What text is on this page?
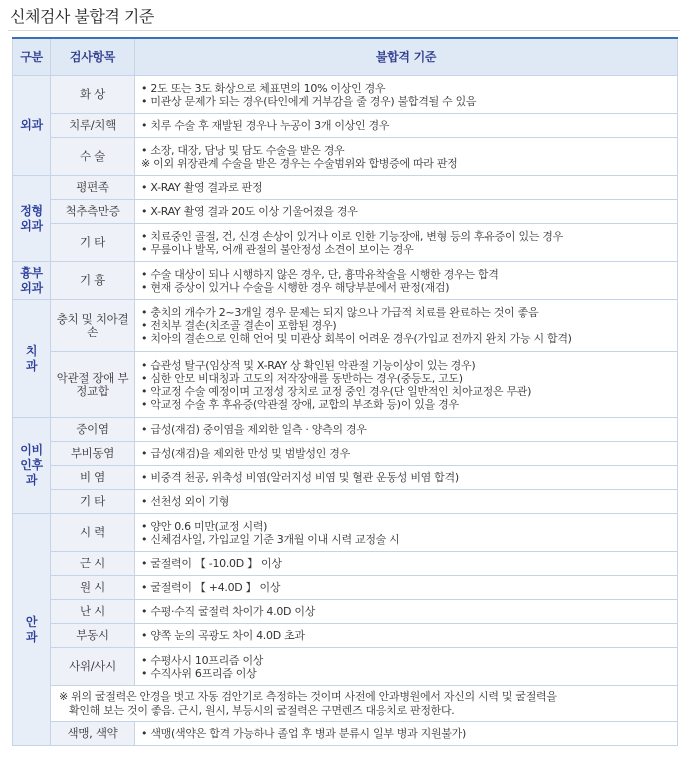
신체검사 불합격 기준
구분	검사항목	불합격 기준
외과	화 상	• 2도 또는 3도 화상으로 체표면의 10% 이상인 경우
• 미관상 문제가 되는 경우(타인에게 거부감을 줄 경우) 불합격될 수 있음

	치루/치핵	• 치루 수술 후 재발된 경우나 누공이 3개 이상인 경우

	수 술	• 소장, 대장, 담낭 및 담도 수술을 받은 경우
※ 이외 위장관계 수술을 받은 경우는 수술범위와 합병증에 따라 판정

정형외과	평편족	• X-RAY 촬영 결과로 판정

	척추측만증	• X-RAY 촬영 결과 20도 이상 기울어졌을 경우

	기 타	• 치료중인 골절, 건, 신경 손상이 있거나 이로 인한 기능장애, 변형 등의 후유증이 있는 경우
• 무릎이나 발목, 어깨 관절의 불안정성 소견이 보이는 경우

흉부외과	기 흉	• 수술 대상이 되나 시행하지 않은 경우, 단, 흉막유착술을 시행한 경우는 합격
• 현재 증상이 있거나 수술을 시행한 경우 해당부분에서 판정(재검)

치과	충치 및 치아결손	• 충치의 개수가 2~3개일 경우 문제는 되지 않으나 가급적 치료를 완료하는 것이 좋음
• 전치부 결손(치조골 결손이 포함된 경우)
• 치아의 결손으로 인해 언어 및 미관상 회복이 어려운 경우(가입교 전까지 완치 가능 시 합격)

	악관절 장애 부정교합	• 습관성 탈구(임상적 및 X-RAY 상 확인된 악관절 기능이상이 있는 경우)
• 심한 안모 비대칭과 고도의 저작장애를 동반하는 경우(중등도, 고도)
• 악교정 수술 예정이며 고정성 장치로 교정 중인 경우(단 일반적인 치아교정은 무관)
• 악교정 수술 후 후유증(악관절 장애, 교합의 부조화 등)이 있을 경우

이비인후과	중이염	• 급성(재검) 중이염을 제외한 일측 · 양측의 경우

	부비동염	• 급성(재검)을 제외한 만성 및 범발성인 경우

	비 염	• 비중격 천공, 위축성 비염(알러지성 비염 및 혈관 운동성 비염 합격)

	기 타	• 선천성 외이 기형

안과	시 력	• 양안 0.6 미만(교정 시력)
• 신체검사일, 가입교일 기준 3개월 이내 시력 교정술 시

	근 시	• 굴절력이 【 -10.0D 】 이상

	원 시	• 굴절력이 【 +4.0D 】 이상

	난 시	• 수평·수직 굴절력 차이가 4.0D 이상

	부동시	• 양쪽 눈의 곡광도 차이 4.0D 초과

	사위/사시	• 수평사시 10프리즘 이상
• 수직사위 6프리즘 이상

	※ 위의 굴절력은 안경을 벗고 자동 검안기로 측정하는 것이며 사전에 안과병원에서 자신의 시력 및 굴절력을
확인해 보는 것이 좋음. 근시, 원시, 부등시의 굴절력은 구면렌즈 대응치로 판정한다.	

	색맹, 색약	• 색맹(색약은 합격 가능하나 졸업 후 병과 분류시 일부 병과 지원불가)
